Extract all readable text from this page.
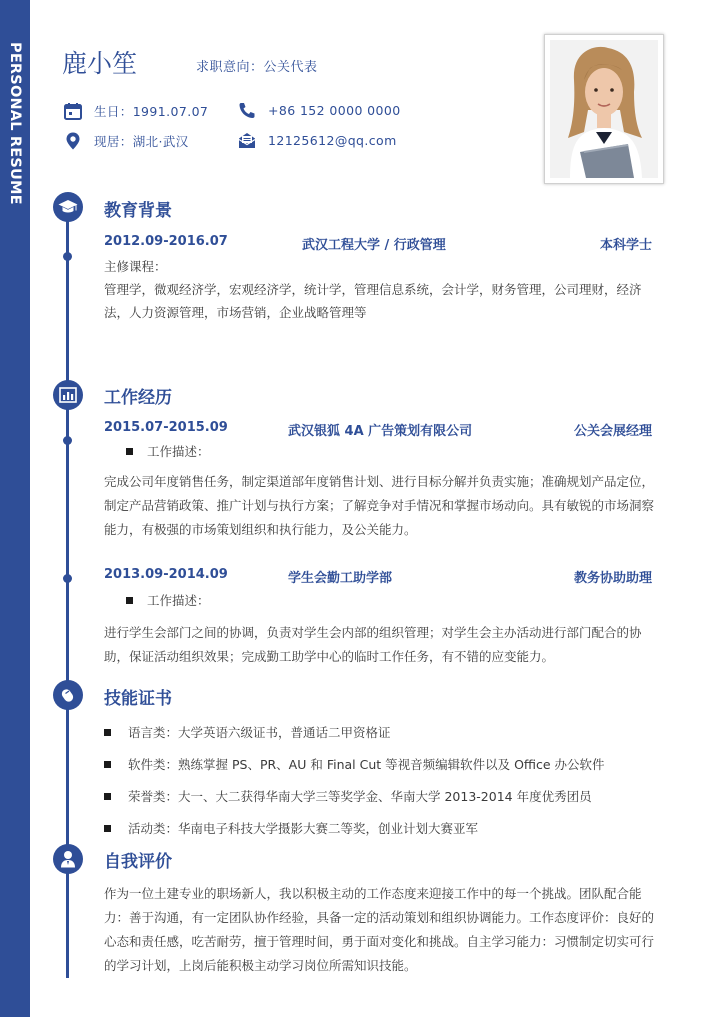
PERSONAL RESUME 鹿小笙	求职意向：公关代表
生日：1991.07.07	+86 152 0000 0000
现居：湖北·武汉	12125612@qq.com
教育背景
2012.09-2016.07	武汉工程大学 / 行政管理	本科学士
主修课程：
管理学，微观经济学，宏观经济学，统计学，管理信息系统，会计学，财务管理，公司理财，经济法，人力资源管理，市场营销，企业战略管理等
工作经历
2015.07-2015.09	武汉银狐 4A 广告策划有限公司	公关会展经理
工作描述：
完成公司年度销售任务，制定渠道部年度销售计划、进行目标分解并负责实施；准确规划产品定位，制定产品营销政策、推广计划与执行方案；了解竞争对手情况和掌握市场动向。具有敏锐的市场洞察能力，有极强的市场策划组织和执行能力，及公关能力。
2013.09-2014.09	学生会勤工助学部	教务协助助理
工作描述：
进行学生会部门之间的协调，负责对学生会内部的组织管理；对学生会主办活动进行部门配合的协助，保证活动组织效果；完成勤工助学中心的临时工作任务，有不错的应变能力。
技能证书
语言类：大学英语六级证书，普通话二甲资格证
软件类：熟练掌握 PS、PR、AU 和 Final Cut 等视音频编辑软件以及 Office 办公软件
荣誉类：大一、大二获得华南大学三等奖学金、华南大学 2013-2014 年度优秀团员
活动类：华南电子科技大学摄影大赛二等奖，创业计划大赛亚军
自我评价
作为一位土建专业的职场新人，我以积极主动的工作态度来迎接工作中的每一个挑战。团队配合能力：善于沟通，有一定团队协作经验，具备一定的活动策划和组织协调能力。工作态度评价：良好的心态和责任感，吃苦耐劳，擅于管理时间，勇于面对变化和挑战。自主学习能力：习惯制定切实可行的学习计划，上岗后能积极主动学习岗位所需知识技能。
